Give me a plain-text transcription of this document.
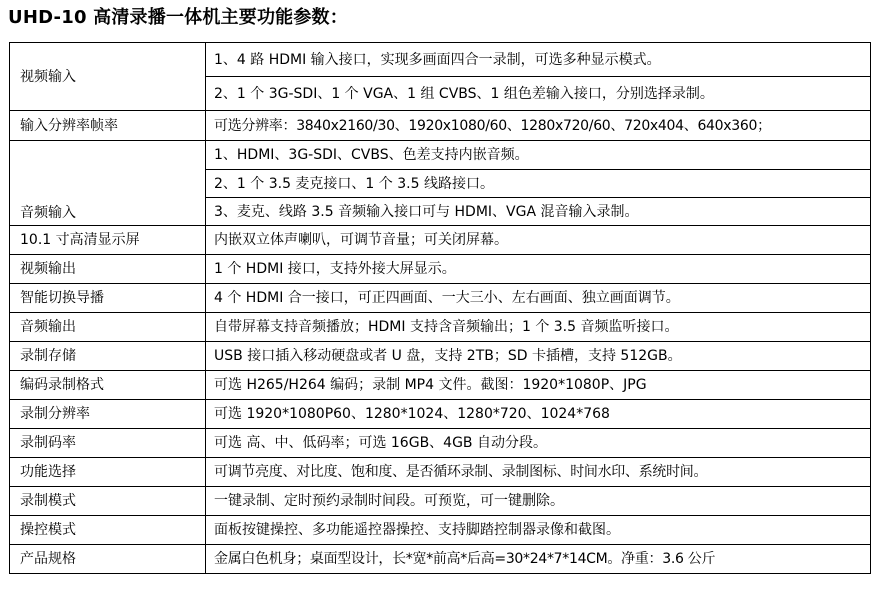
UHD-10 高清录播一体机主要功能参数：
视频输入	1、4 路 HDMI 输入接口，实现多画面四合一录制，可选多种显示模式。
	2、1 个 3G-SDI、1 个 VGA、1 组 CVBS、1 组色差输入接口，分别选择录制。
输入分辨率帧率	可选分辨率：3840x2160/30、1920x1080/60、1280x720/60、720x404、640x360；
音频输入	1、HDMI、3G-SDI、CVBS、色差支持内嵌音频。
	2、1 个 3.5 麦克接口、1 个 3.5 线路接口。
	3、麦克、线路 3.5 音频输入接口可与 HDMI、VGA 混音输入录制。
10.1 寸高清显示屏	内嵌双立体声喇叭，可调节音量；可关闭屏幕。
视频输出	1 个 HDMI 接口，支持外接大屏显示。
智能切换导播	4 个 HDMI 合一接口，可正四画面、一大三小、左右画面、独立画面调节。
音频输出	自带屏幕支持音频播放；HDMI 支持含音频输出；1 个 3.5 音频监听接口。
录制存储	USB 接口插入移动硬盘或者 U 盘，支持 2TB；SD 卡插槽，支持 512GB。
编码录制格式	可选 H265/H264 编码；录制 MP4 文件。截图：1920*1080P、JPG
录制分辨率	可选 1920*1080P60、1280*1024、1280*720、1024*768
录制码率	可选 高、中、低码率；可选 16GB、4GB 自动分段。
功能选择	可调节亮度、对比度、饱和度、是否循环录制、录制图标、时间水印、系统时间。
录制模式	一键录制、定时预约录制时间段。可预览，可一键删除。
操控模式	面板按键操控、多功能遥控器操控、支持脚踏控制器录像和截图。
产品规格	金属白色机身；桌面型设计，长*宽*前高*后高=30*24*7*14CM。净重：3.6 公斤
